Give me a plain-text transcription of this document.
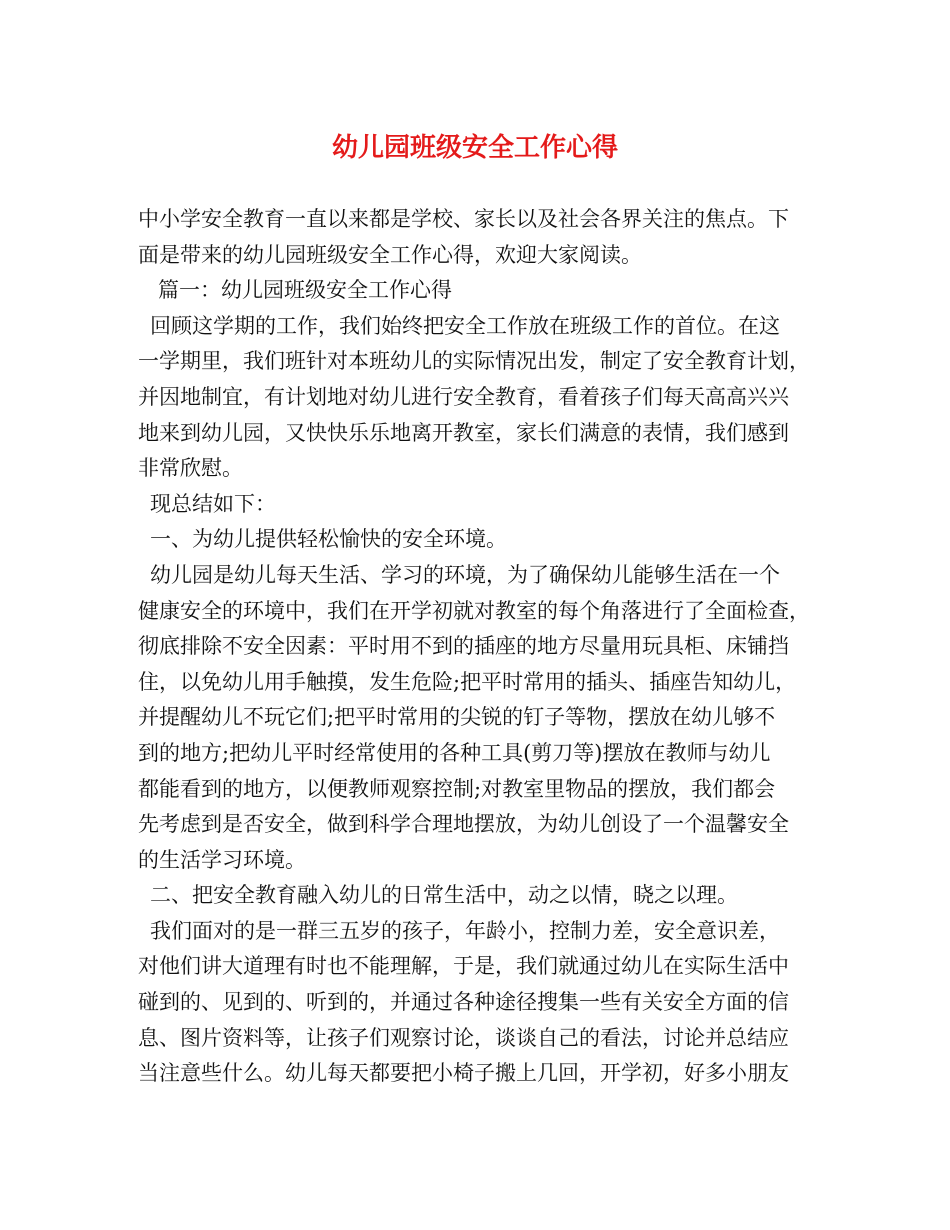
幼儿园班级安全工作心得
中小学安全教育一直以来都是学校、家长以及社会各界关注的焦点。下
面是带来的幼儿园班级安全工作心得，欢迎大家阅读。
篇一：幼儿园班级安全工作心得
回顾这学期的工作，我们始终把安全工作放在班级工作的首位。在这
一学期里，我们班针对本班幼儿的实际情况出发，制定了安全教育计划，
并因地制宜，有计划地对幼儿进行安全教育，看着孩子们每天高高兴兴
地来到幼儿园，又快快乐乐地离开教室，家长们满意的表情，我们感到
非常欣慰。
现总结如下：
一、为幼儿提供轻松愉快的安全环境。
幼儿园是幼儿每天生活、学习的环境，为了确保幼儿能够生活在一个
健康安全的环境中，我们在开学初就对教室的每个角落进行了全面检查，
彻底排除不安全因素：平时用不到的插座的地方尽量用玩具柜、床铺挡
住，以免幼儿用手触摸，发生危险;把平时常用的插头、插座告知幼儿，
并提醒幼儿不玩它们;把平时常用的尖锐的钉子等物，摆放在幼儿够不
到的地方;把幼儿平时经常使用的各种工具(剪刀等)摆放在教师与幼儿
都能看到的地方，以便教师观察控制;对教室里物品的摆放，我们都会
先考虑到是否安全，做到科学合理地摆放，为幼儿创设了一个温馨安全
的生活学习环境。
二、把安全教育融入幼儿的日常生活中，动之以情，晓之以理。
我们面对的是一群三五岁的孩子，年龄小，控制力差，安全意识差，
对他们讲大道理有时也不能理解，于是，我们就通过幼儿在实际生活中
碰到的、见到的、听到的，并通过各种途径搜集一些有关安全方面的信
息、图片资料等，让孩子们观察讨论，谈谈自己的看法，讨论并总结应
当注意些什么。幼儿每天都要把小椅子搬上几回，开学初，好多小朋友
